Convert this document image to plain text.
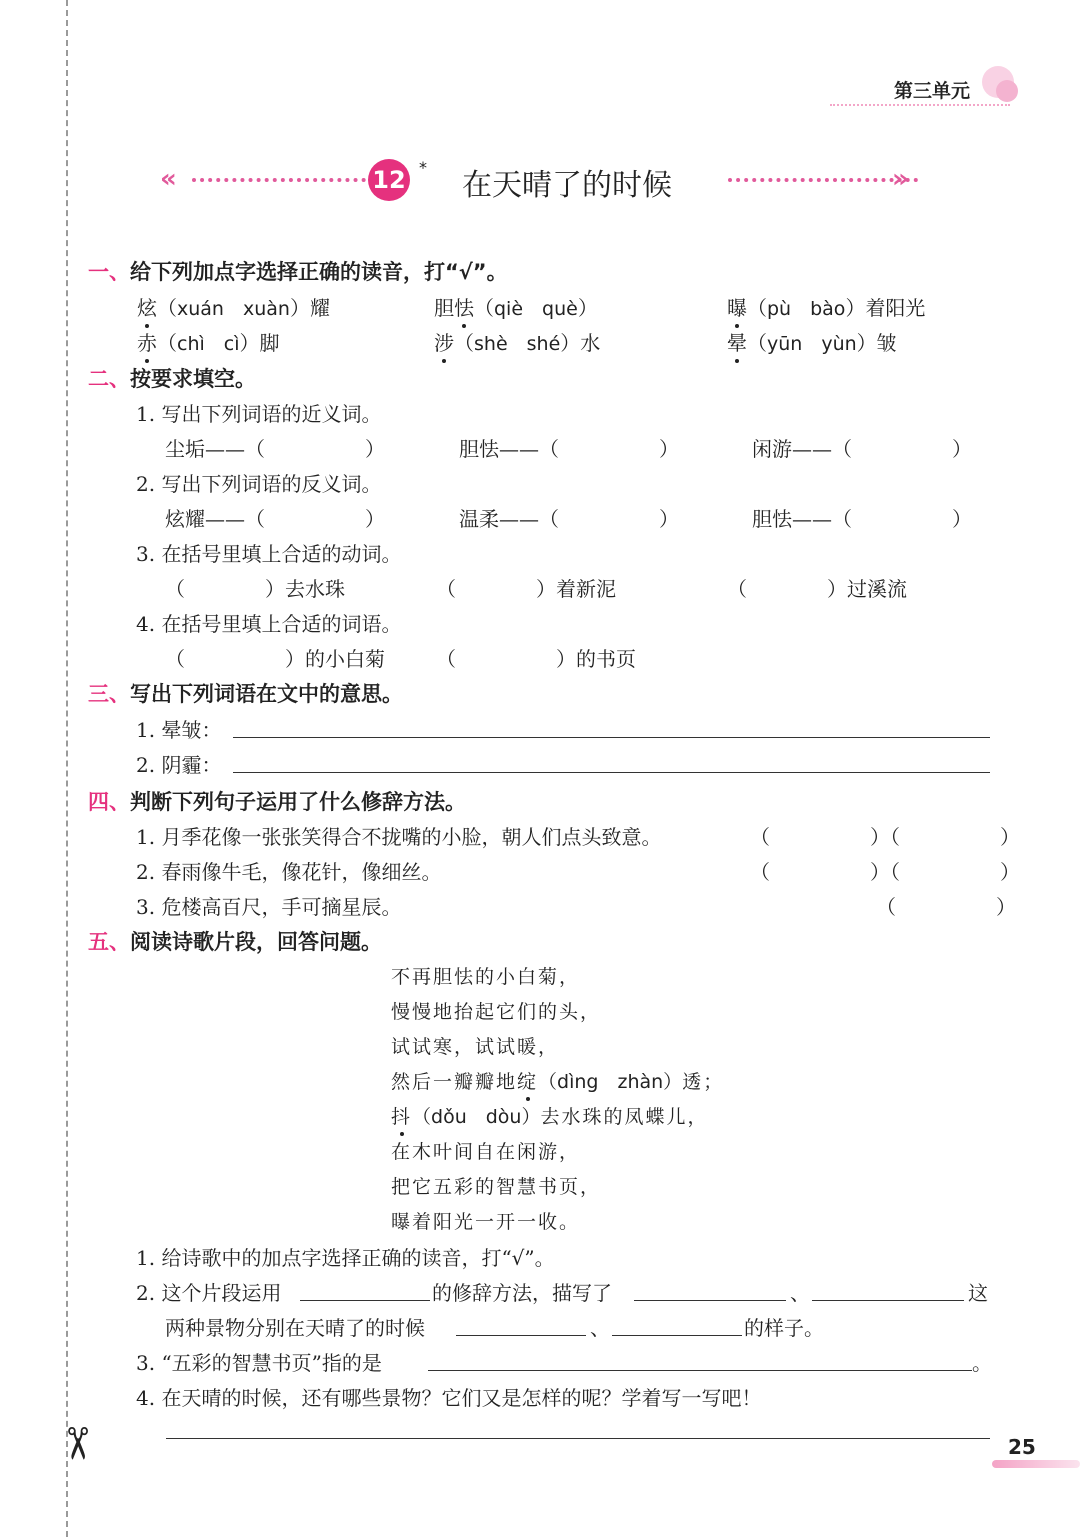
第三单元
«	12 *
在天晴了的时候	»
一、给下列加点字选择正确的读音，打“√”。
炫（xuán　xuàn）耀	胆怯（qiè　què）	曝（pù　bào）着阳光
赤（chì　cì）脚	涉（shè　shé）水	晕（yūn　yùn）皱
二、按要求填空。
1. 写出下列词语的近义词。
尘垢——（　　　　　）	胆怯——（　　　　　）	闲游——（　　　　　）
2. 写出下列词语的反义词。
炫耀——（　　　　　）	温柔——（　　　　　）	胆怯——（　　　　　）
3. 在括号里填上合适的动词。
（　　　　）去水珠	（　　　　）着新泥	（　　　　）过溪流
4. 在括号里填上合适的词语。
（　　　　　）的小白菊	（　　　　　）的书页
三、写出下列词语在文中的意思。
1. 晕皱：
2. 阴霾：
四、判断下列句子运用了什么修辞方法。
1. 月季花像一张张笑得合不拢嘴的小脸，朝人们点头致意。	（　　　　　）（　　　　　）
2. 春雨像牛毛，像花针，像细丝。	（　　　　　）（　　　　　）
3. 危楼高百尺，手可摘星辰。	（　　　　　）
五、阅读诗歌片段，回答问题。
不再胆怯的小白菊，
慢慢地抬起它们的头，
试试寒，试试暖，
然后一瓣瓣地绽（dìng　zhàn）透；
抖（dǒu　dòu）去水珠的凤蝶儿，
在木叶间自在闲游，
把它五彩的智慧书页，
曝着阳光一开一收。
1. 给诗歌中的加点字选择正确的读音，打“√”。
2. 这个片段运用	的修辞方法，描写了	、	这
两种景物分别在天晴了的时候	、	的样子。
3. “五彩的智慧书页”指的是	。
4. 在天晴的时候，还有哪些景物？它们又是怎样的呢？学着写一写吧！
✂	25
